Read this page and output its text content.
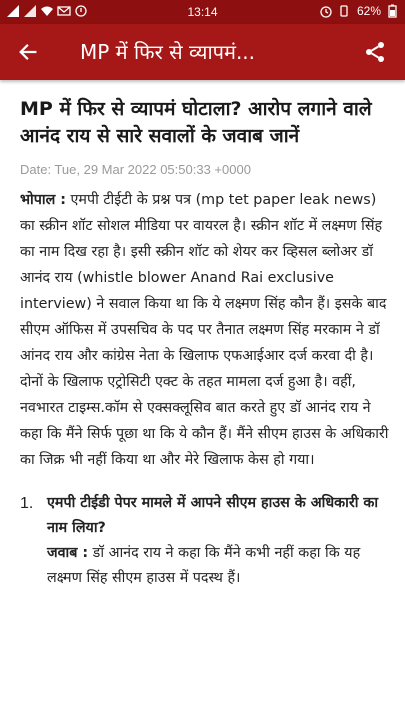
13:14	62%
MP में फिर से व्यापमं...
MP में फिर से व्यापमं घोटाला? आरोप लगाने वाले आनंद राय से सारे सवालों के जवाब जानें
Date: Tue, 29 Mar 2022 05:50:33 +0000

भोपाल : एमपी टीईटी के प्रश्न पत्र (mp tet paper leak news) का स्क्रीन शॉट सोशल मीडिया पर वायरल है। स्क्रीन शॉट में लक्ष्मण सिंह का नाम दिख रहा है। इसी स्क्रीन शॉट को शेयर कर व्हिसल ब्लोअर डॉ आनंद राय (whistle blower Anand Rai exclusive interview) ने सवाल किया था कि ये लक्ष्मण सिंह कौन हैं। इसके बाद सीएम ऑफिस में उपसचिव के पद पर तैनात लक्ष्मण सिंह मरकाम ने डॉ आंनद राय और कांग्रेस नेता के खिलाफ एफआईआर दर्ज करवा दी है। दोनों के खिलाफ एट्रोसिटी एक्ट के तहत मामला दर्ज हुआ है। वहीं, नवभारत टाइम्स.कॉम से एक्सक्लूसिव बात करते हुए डॉ आनंद राय ने कहा कि मैंने सिर्फ पूछा था कि ये कौन हैं। मैंने सीएम हाउस के अधिकारी का जिक्र भी नहीं किया था और मेरे खिलाफ केस हो गया।

1. एमपी टीईडी पेपर मामले में आपने सीएम हाउस के अधिकारी का नाम लिया?
जवाब : डॉ आनंद राय ने कहा कि मैंने कभी नहीं कहा कि यह लक्ष्मण सिंह सीएम हाउस में पदस्थ हैं।
